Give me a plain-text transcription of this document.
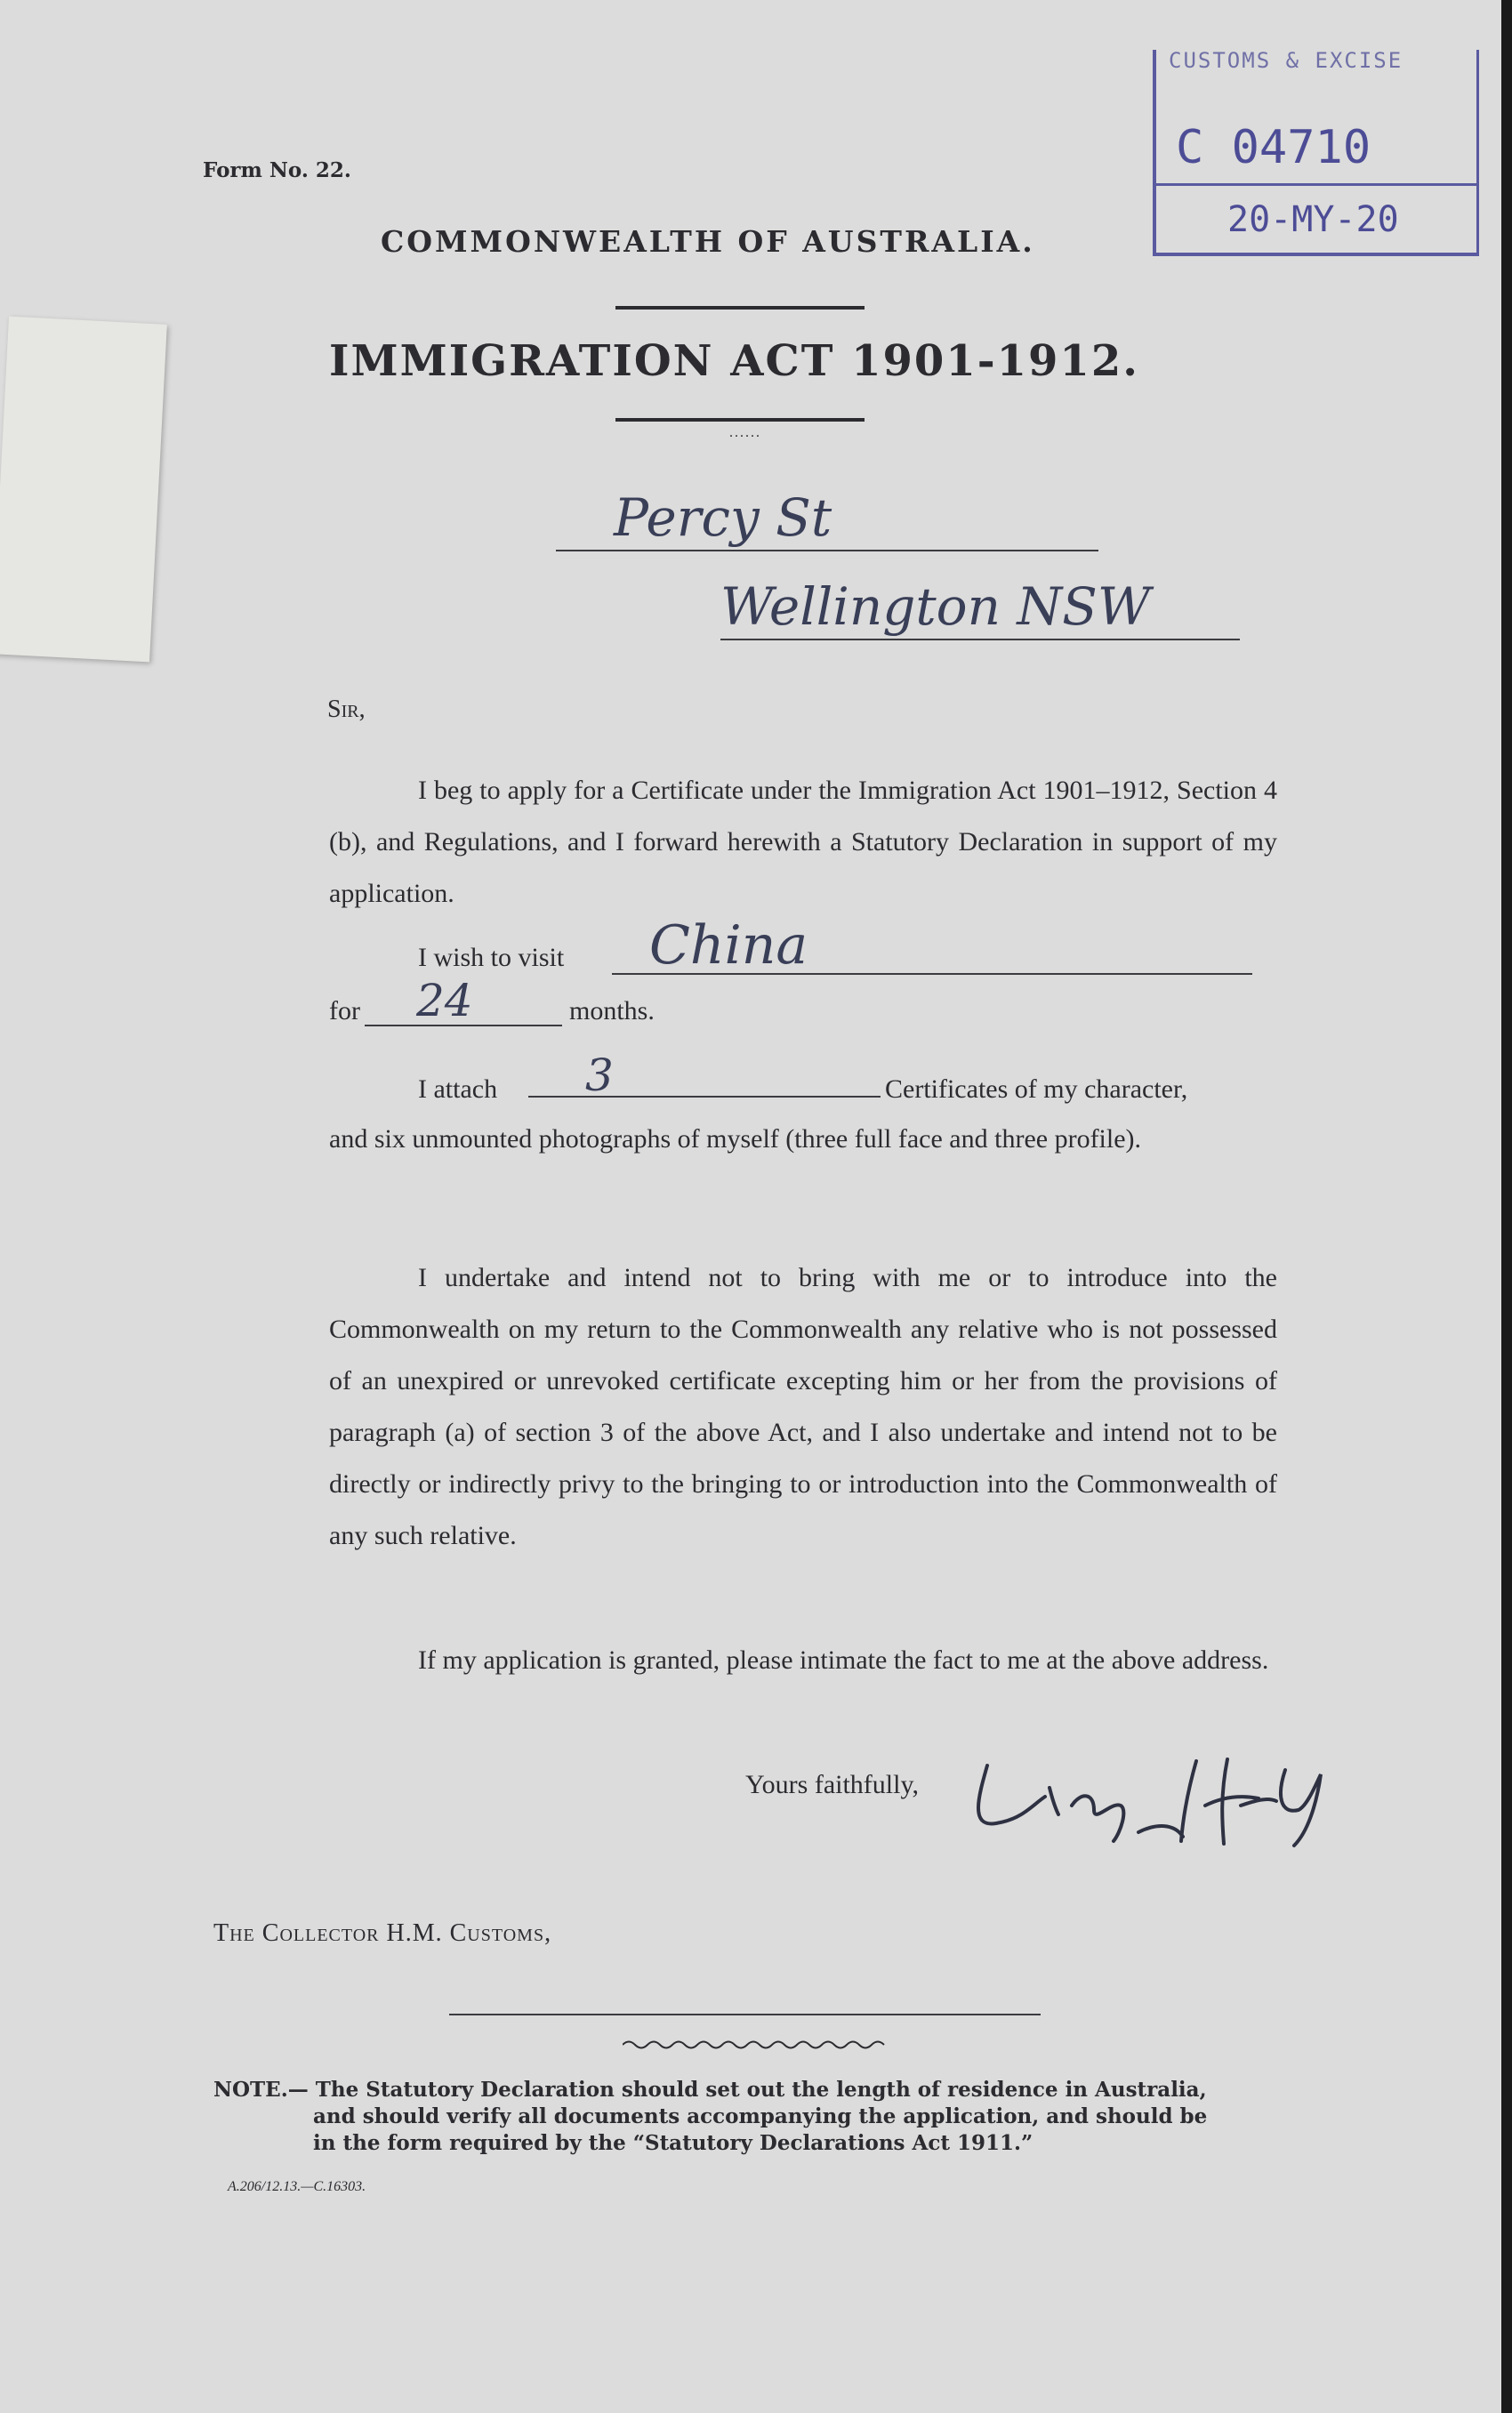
CUSTOMS & EXCISE
C 04710
20-MY-20
Form No. 22.
COMMONWEALTH OF AUSTRALIA.
IMMIGRATION ACT 1901-1912.
......
Percy St
Wellington NSW
Sir,
I beg to apply for a Certificate under the Immigration Act 1901–1912, Section 4 (b), and Regulations, and I forward herewith a Statutory Declaration in support of my application.
I wish to visit China
for 24	months.
I attach 3	Certificates of my character,
and six unmounted photographs of myself (three full face and three profile).
I undertake and intend not to bring with me or to introduce into the Commonwealth on my return to the Commonwealth any relative who is not possessed of an unexpired or unrevoked certificate excepting him or her from the provisions of paragraph (a) of section 3 of the above Act, and I also undertake and intend not to be directly or indirectly privy to the bringing to or introduction into the Commonwealth of any such relative.
If my application is granted, please intimate the fact to me at the above address.
Yours faithfully,
The Collector H.M. Customs,
NOTE.— The Statutory Declaration should set out the length of residence in Australia,
and should verify all documents accompanying the application, and should be
in the form required by the “Statutory Declarations Act 1911.”
A.206/12.13.—C.16303.
